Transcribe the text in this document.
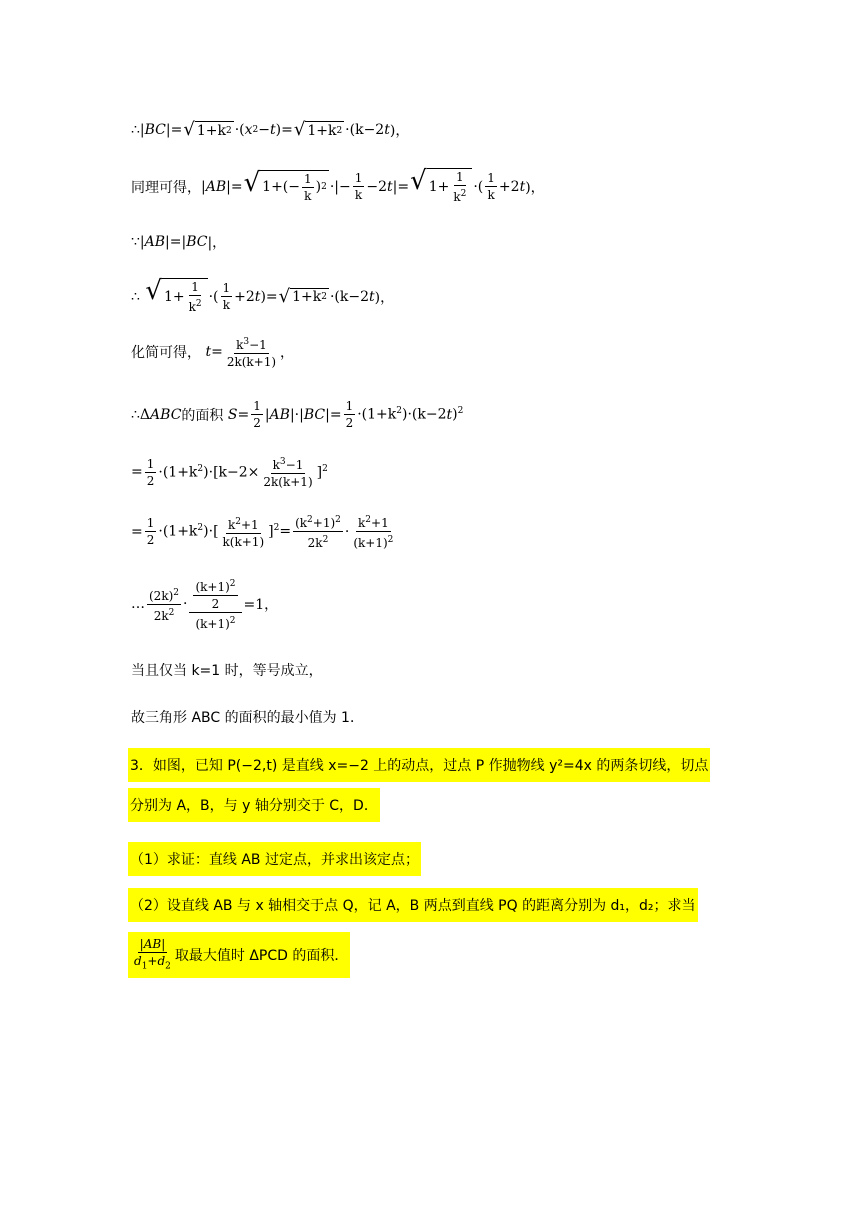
∴| BC |= √ 1+k 2 ·( x 2 − t )= √ 1+k 2 ·(k−2 t )，
同理可得， | AB |= √ $1+(- \frac{1}{k}$ ) 2 ·|− $\frac{1}{k} -2$ t |= √ $1+ \frac{1}{k^2}$ ·( $\frac{1}{k} +2$ t )，
∵| AB |=| BC |，
∴ √ $1+ \frac{1}{k^2}$ ·( $\frac{1}{k} +2$ t )= √ 1+k 2 ·(k−2 t )，
化简可得， $t = \frac{k^3-1}{2k(k+1)}$ ，
∴Δ ABC 的面积 $S = \frac{1}{2}$ | AB |·| BC |= $\frac{1}{2} \cdot(1+k^2)\cdot(k-2$ t )$^2$
= $\frac{1}{2} \cdot(1+k^2)\cdot[k-2\times \frac{k^3-1}{2k(k+1)} ]^2$
= $\frac{1}{2} \cdot(1+k^2)\cdot[ \frac{k^2+1}{k(k+1)} ]^2= \frac{(k^2+1)^2}{2k^2} \cdot \frac{k^2+1}{(k+1)^2}$
… $\frac{(2k)^2}{2k^2} \cdot \frac{\frac{(k+1)^2}{2}}{(k+1)^2} =1$，
当且仅当 k=1 时，等号成立，
故三角形 ABC 的面积的最小值为 1．
3．如图，已知 P(−2,t) 是直线 x=−2 上的动点，过点 P 作抛物线 y²=4x 的两条切线，切点
分别为 A，B，与 y 轴分别交于 C，D．
（1）求证：直线 AB 过定点，并求出该定点；
（2）设直线 AB 与 x 轴相交于点 Q，记 A，B 两点到直线 PQ 的距离分别为 d₁，d₂；求当
$\frac{|AB|}{d_1+d_2}$ 取最大值时 ΔPCD 的面积．
